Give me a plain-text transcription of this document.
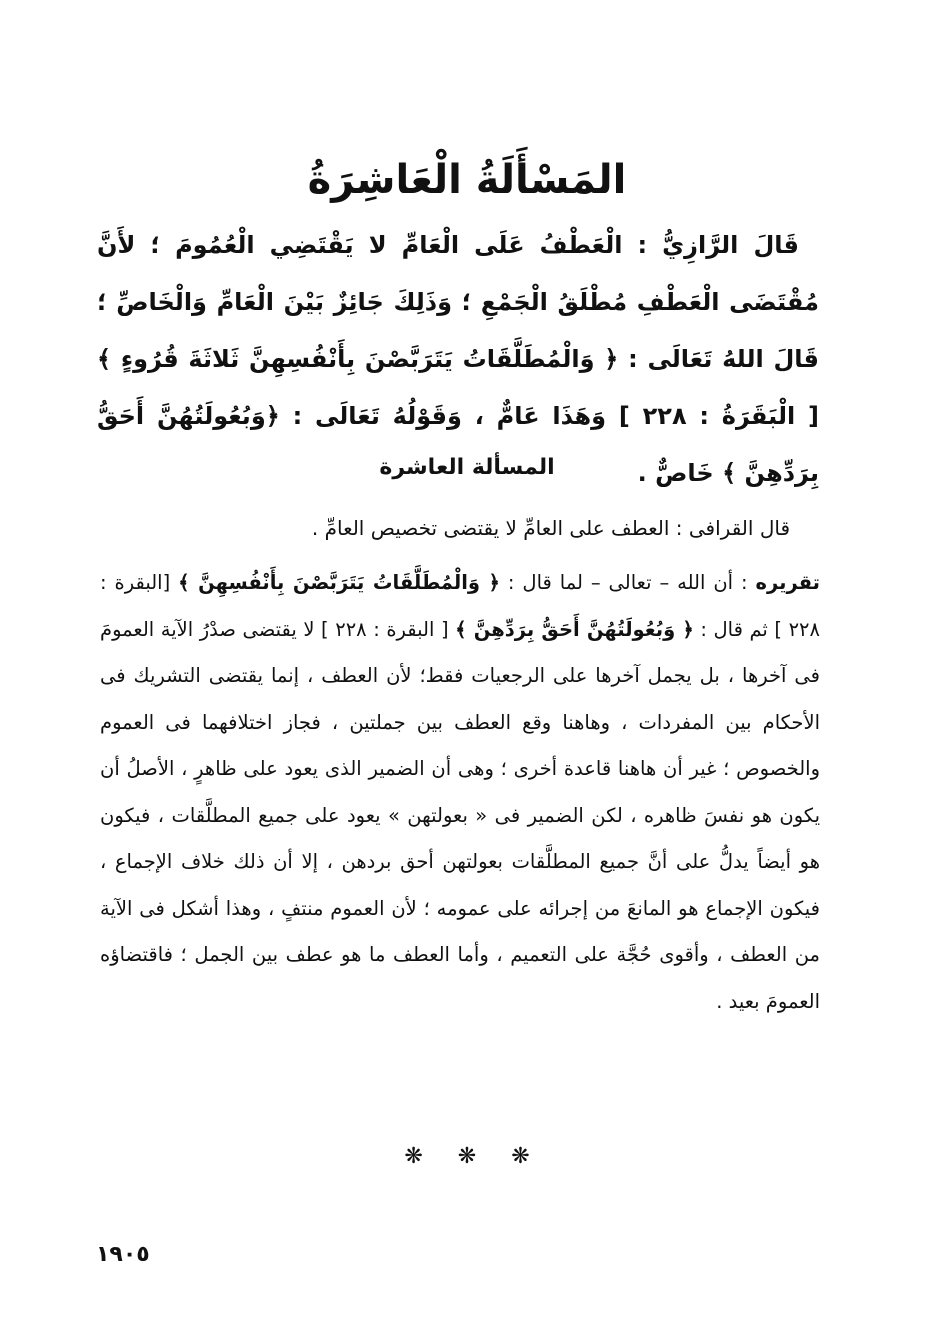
المَسْأَلَةُ الْعَاشِرَةُ

قَالَ الرَّازِيُّ : الْعَطْفُ عَلَى الْعَامِّ لا يَقْتَضِي الْعُمُومَ ؛ لأَنَّ مُقْتَضَى الْعَطْفِ مُطْلَقُ الْجَمْعِ ؛ وَذَلِكَ جَائِزٌ بَيْنَ الْعَامِّ وَالْخَاصِّ ؛ قَالَ اللهُ تَعَالَى : ﴿ وَالْمُطَلَّقَاتُ يَتَرَبَّصْنَ بِأَنْفُسِهِنَّ ثَلاثَةَ قُرُوءٍ ﴾ [ الْبَقَرَةُ : ٢٢٨ ] وَهَذَا عَامٌّ ، وَقَوْلُهُ تَعَالَى : ﴿وَبُعُولَتُهُنَّ أَحَقُّ بِرَدِّهِنَّ ﴾ خَاصٌّ .

المسألة العاشرة

قال القرافى : العطف على العامِّ لا يقتضى تخصيص العامِّ .

تقريره : أن الله – تعالى – لما قال : ﴿ وَالْمُطَلَّقَاتُ يَتَرَبَّصْنَ بِأَنْفُسِهِنَّ ﴾ [البقرة : ٢٢٨ ] ثم قال : ﴿ وَبُعُولَتُهُنَّ أَحَقُّ بِرَدِّهِنَّ ﴾ [ البقرة : ٢٢٨ ] لا يقتضى صدْرُ الآية العمومَ فى آخرها ، بل يجمل آخرها على الرجعيات فقط؛ لأن العطف ، إنما يقتضى التشريك فى الأحكام بين المفردات ، وهاهنا وقع العطف بين جملتين ، فجاز اختلافهما فى العموم والخصوص ؛ غير أن هاهنا قاعدة أخرى ؛ وهى أن الضمير الذى يعود على ظاهرٍ ، الأصلُ أن يكون هو نفسَ ظاهره ، لكن الضمير فى « بعولتهن » يعود على جميع المطلَّقات ، فيكون هو أيضاً يدلُّ على أنَّ جميع المطلَّقات بعولتهن أحق بردهن ، إلا أن ذلك خلاف الإجماع ، فيكون الإجماع هو المانعَ من إجرائه على عمومه ؛ لأن العموم منتفٍ ، وهذا أشكل فى الآية من العطف ، وأقوى حُجَّة على التعميم ، وأما العطف ما هو عطف بين الجمل ؛ فاقتضاؤه العمومَ بعيد .

❋ ❋ ❋
١٩٠٥
